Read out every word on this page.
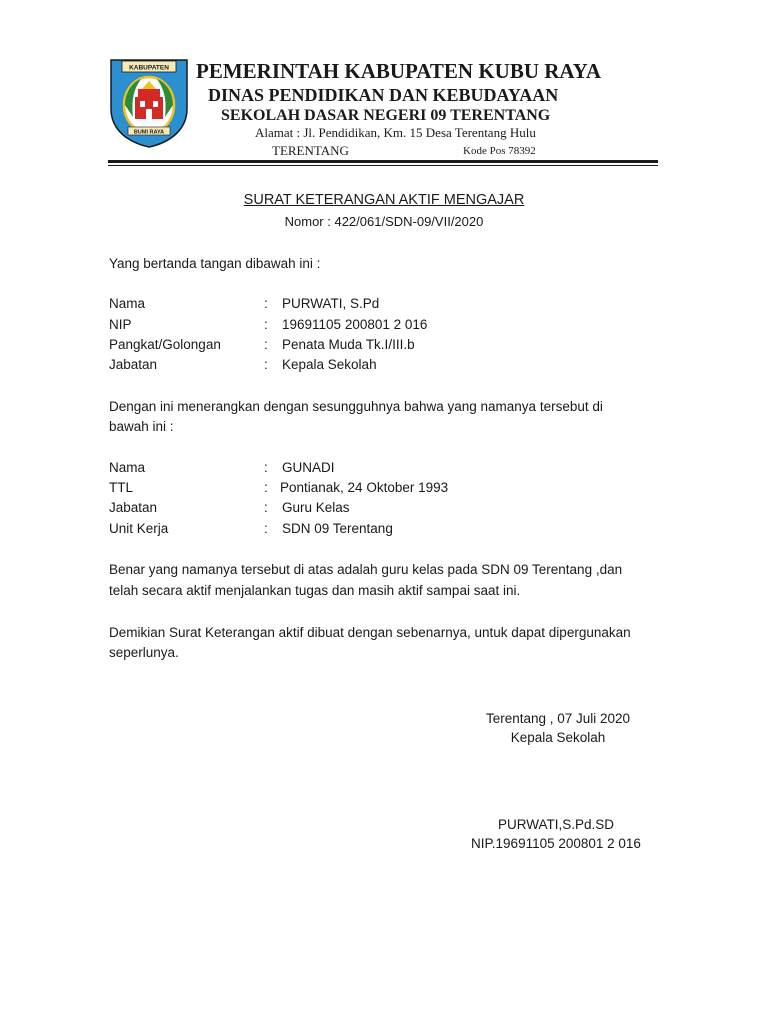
KABUPATEN
BUMI RAYA
PEMERINTAH KABUPATEN KUBU RAYA
DINAS PENDIDIKAN DAN KEBUDAYAAN
SEKOLAH DASAR NEGERI 09 TERENTANG
Alamat : Jl. Pendidikan, Km. 15 Desa Terentang Hulu
TERENTANG	Kode Pos 78392
SURAT KETERANGAN AKTIF MENGAJAR
Nomor : 422/061/SDN-09/VII/2020
Yang bertanda tangan dibawah ini :
Nama	: PURWATI, S.Pd
NIP	: 19691105 200801 2 016
Pangkat/Golongan	: Penata Muda Tk.I/III.b
Jabatan	: Kepala Sekolah
Dengan ini menerangkan dengan sesungguhnya bahwa yang namanya tersebut di
bawah ini :
Nama	: GUNADI
TTL	: Pontianak, 24 Oktober 1993
Jabatan	: Guru Kelas
Unit Kerja	: SDN 09 Terentang
Benar yang namanya tersebut di atas adalah guru kelas pada SDN 09 Terentang ,dan
telah secara aktif menjalankan tugas dan masih aktif sampai saat ini.
Demikian Surat Keterangan aktif dibuat dengan sebenarnya, untuk dapat dipergunakan
seperlunya.
Terentang , 07 Juli 2020
Kepala Sekolah
PURWATI,S.Pd.SD
NIP.19691105 200801 2 016
